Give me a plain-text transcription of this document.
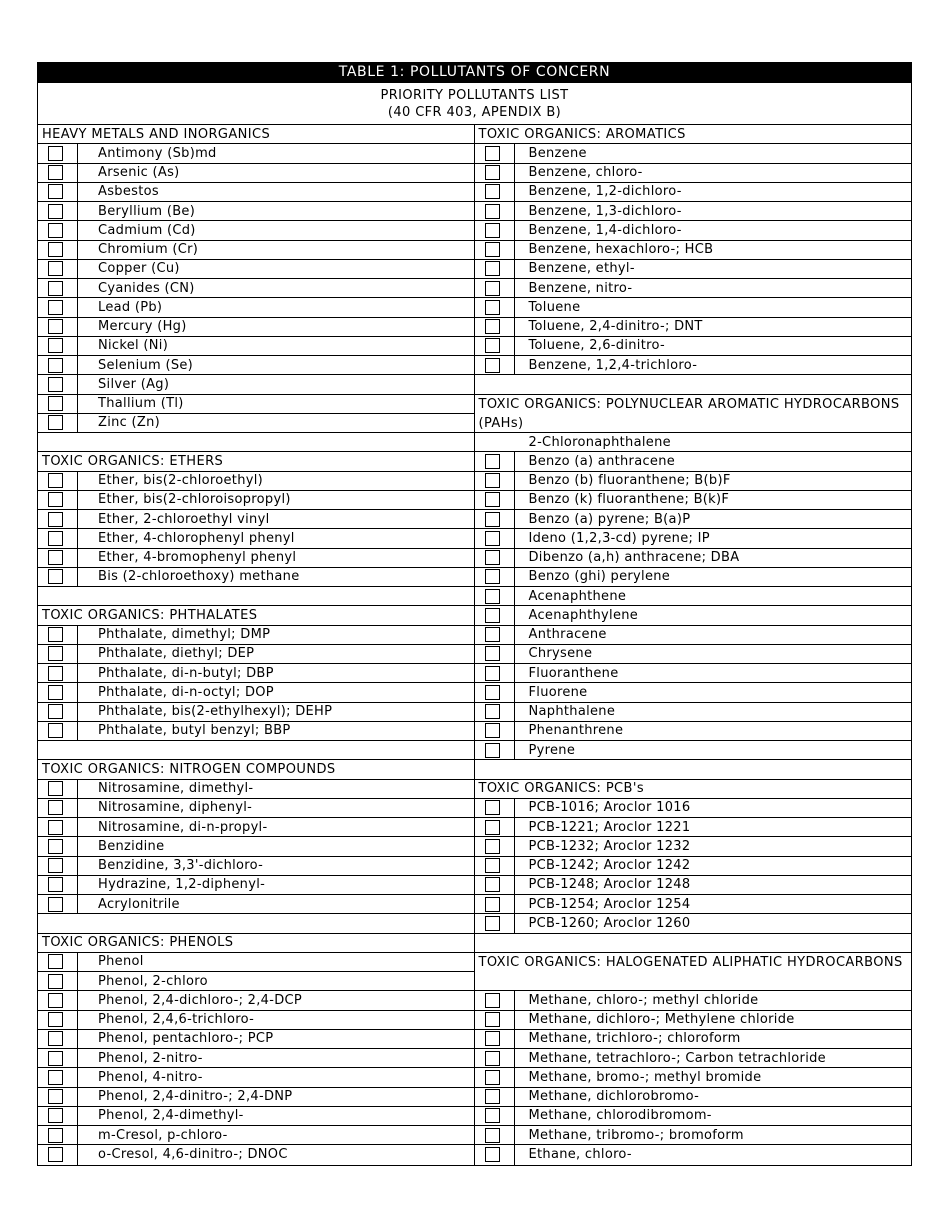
TABLE 1: POLLUTANTS OF CONCERN
PRIORITY POLLUTANTS LIST
(40 CFR 403, APENDIX B)
HEAVY METALS AND INORGANICS
Antimony (Sb)md
Arsenic (As)
Asbestos
Beryllium (Be)
Cadmium (Cd)
Chromium (Cr)
Copper (Cu)
Cyanides (CN)
Lead (Pb)
Mercury (Hg)
Nickel (Ni)
Selenium (Se)
Silver (Ag)
Thallium (Tl)
Zinc (Zn)
TOXIC ORGANICS: ETHERS
Ether, bis(2-chloroethyl)
Ether, bis(2-chloroisopropyl)
Ether, 2-chloroethyl vinyl
Ether, 4-chlorophenyl phenyl
Ether, 4-bromophenyl phenyl
Bis (2-chloroethoxy) methane
TOXIC ORGANICS: PHTHALATES
Phthalate, dimethyl; DMP
Phthalate, diethyl; DEP
Phthalate, di-n-butyl; DBP
Phthalate, di-n-octyl; DOP
Phthalate, bis(2-ethylhexyl); DEHP
Phthalate, butyl benzyl; BBP
TOXIC ORGANICS: NITROGEN COMPOUNDS
Nitrosamine, dimethyl-
Nitrosamine, diphenyl-
Nitrosamine, di-n-propyl-
Benzidine
Benzidine, 3,3'-dichloro-
Hydrazine, 1,2-diphenyl-
Acrylonitrile
TOXIC ORGANICS: PHENOLS
Phenol
Phenol, 2-chloro
Phenol, 2,4-dichloro-; 2,4-DCP
Phenol, 2,4,6-trichloro-
Phenol, pentachloro-; PCP
Phenol, 2-nitro-
Phenol, 4-nitro-
Phenol, 2,4-dinitro-; 2,4-DNP
Phenol, 2,4-dimethyl-
m-Cresol, p-chloro-
o-Cresol, 4,6-dinitro-; DNOC
TOXIC ORGANICS: AROMATICS
Benzene
Benzene, chloro-
Benzene, 1,2-dichloro-
Benzene, 1,3-dichloro-
Benzene, 1,4-dichloro-
Benzene, hexachloro-; HCB
Benzene, ethyl-
Benzene, nitro-
Toluene
Toluene, 2,4-dinitro-; DNT
Toluene, 2,6-dinitro-
Benzene, 1,2,4-trichloro-
TOXIC ORGANICS: POLYNUCLEAR AROMATIC HYDROCARBONS (PAHs)
2-Chloronaphthalene
Benzo (a) anthracene
Benzo (b) fluoranthene; B(b)F
Benzo (k) fluoranthene; B(k)F
Benzo (a) pyrene; B(a)P
Ideno (1,2,3-cd) pyrene; IP
Dibenzo (a,h) anthracene; DBA
Benzo (ghi) perylene
Acenaphthene
Acenaphthylene
Anthracene
Chrysene
Fluoranthene
Fluorene
Naphthalene
Phenanthrene
Pyrene
TOXIC ORGANICS: PCB's
PCB-1016; Aroclor 1016
PCB-1221; Aroclor 1221
PCB-1232; Aroclor 1232
PCB-1242; Aroclor 1242
PCB-1248; Aroclor 1248
PCB-1254; Aroclor 1254
PCB-1260; Aroclor 1260
TOXIC ORGANICS: HALOGENATED ALIPHATIC HYDROCARBONS
Methane, chloro-; methyl chloride
Methane, dichloro-; Methylene chloride
Methane, trichloro-; chloroform
Methane, tetrachloro-; Carbon tetrachloride
Methane, bromo-; methyl bromide
Methane, dichlorobromo-
Methane, chlorodibromom-
Methane, tribromo-; bromoform
Ethane, chloro-
